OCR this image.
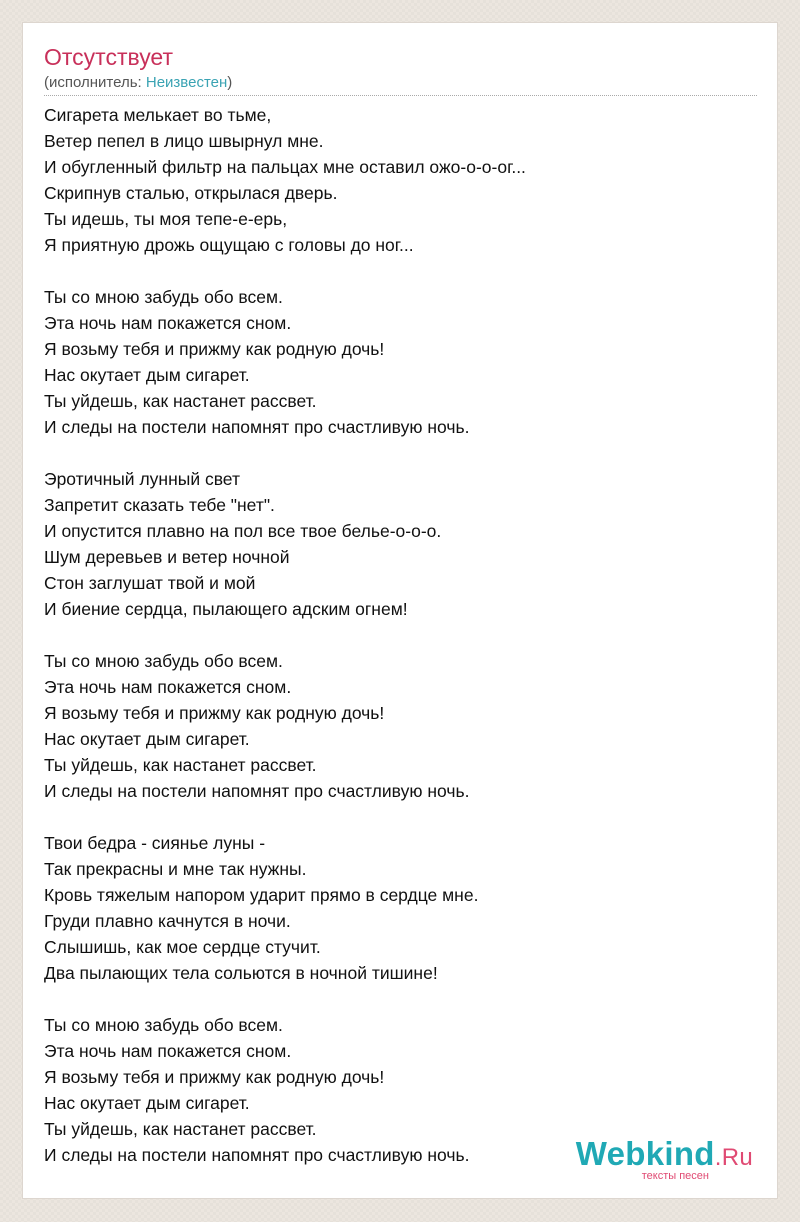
Отсутствует
(исполнитель: Неизвестен)
Сигарета мелькает во тьме,
Ветер пепел в лицо швырнул мне.
И обугленный фильтр на пальцах мне оставил ожо-о-о-ог...
Скрипнув сталью, открылася дверь.
Ты идешь, ты моя тепе-е-ерь,
Я приятную дрожь ощущаю с головы до ног...
Ты со мною забудь обо всем.
Эта ночь нам покажется сном.
Я возьму тебя и прижму как родную дочь!
Нас окутает дым сигарет.
Ты уйдешь, как настанет рассвет.
И следы на постели напомнят про счастливую ночь.
Эротичный лунный свет
Запретит сказать тебе "нет".
И опустится плавно на пол все твое белье-о-о-о.
Шум деревьев и ветер ночной
Стон заглушат твой и мой
И биение сердца, пылающего адским огнем!
Ты со мною забудь обо всем.
Эта ночь нам покажется сном.
Я возьму тебя и прижму как родную дочь!
Нас окутает дым сигарет.
Ты уйдешь, как настанет рассвет.
И следы на постели напомнят про счастливую ночь.
Твои бедра - сиянье луны -
Так прекрасны и мне так нужны.
Кровь тяжелым напором ударит прямо в сердце мне.
Груди плавно качнутся в ночи.
Слышишь, как мое сердце стучит.
Два пылающих тела сольются в ночной тишине!
Ты со мною забудь обо всем.
Эта ночь нам покажется сном.
Я возьму тебя и прижму как родную дочь!
Нас окутает дым сигарет.
Ты уйдешь, как настанет рассвет.
И следы на постели напомнят про счастливую ночь.	Webkind.Ru
тексты песен
